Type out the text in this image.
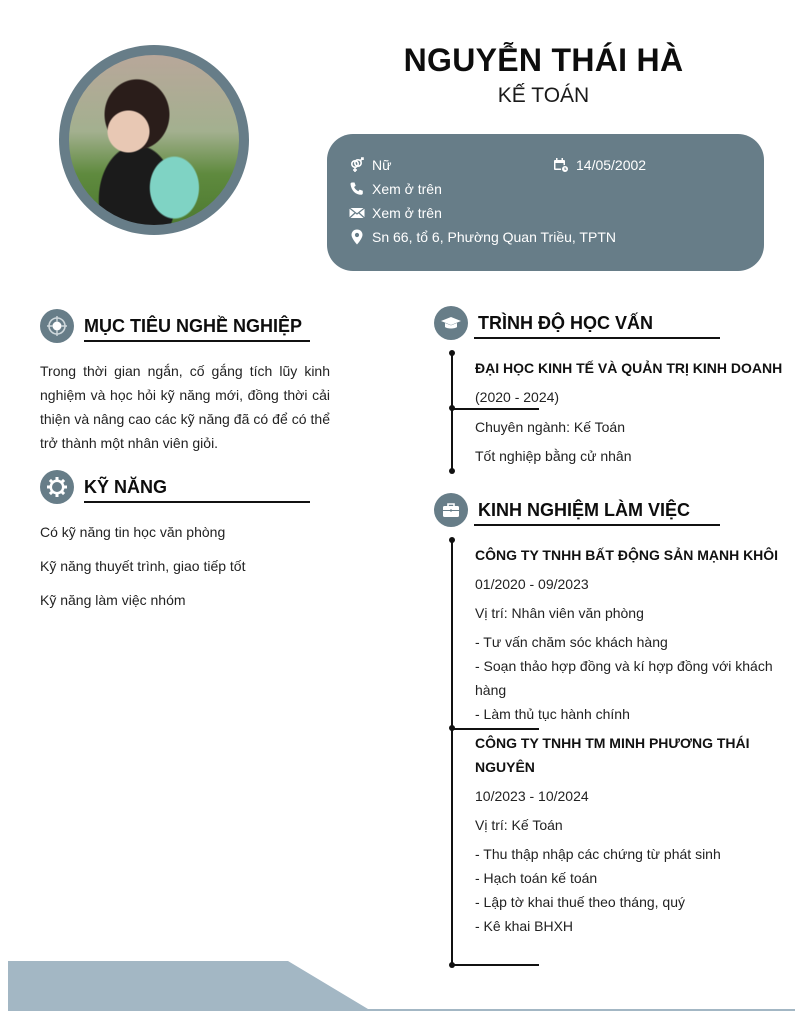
NGUYỄN THÁI HÀ
KẾ TOÁN
Nữ	14/05/2002
Xem ở trên
Xem ở trên
Sn 66, tổ 6, Phường Quan Triều, TPTN
MỤC TIÊU NGHỀ NGHIỆP
Trong thời gian ngắn, cố gắng tích lũy kinh nghiệm và học hỏi kỹ năng mới, đồng thời cải thiện và nâng cao các kỹ năng đã có để có thể trở thành một nhân viên giỏi.
KỸ NĂNG
Có kỹ năng tin học văn phòng
Kỹ năng thuyết trình, giao tiếp tốt
Kỹ năng làm việc nhóm
TRÌNH ĐỘ HỌC VẤN
ĐẠI HỌC KINH TẾ VÀ QUẢN TRỊ KINH DOANH
(2020 - 2024)
Chuyên ngành: Kế Toán
Tốt nghiệp bằng cử nhân
KINH NGHIỆM LÀM VIỆC
CÔNG TY TNHH BẤT ĐỘNG SẢN MẠNH KHÔI
01/2020 - 09/2023
Vị trí: Nhân viên văn phòng
- Tư vấn chăm sóc khách hàng
- Soạn thảo hợp đồng và kí hợp đồng với khách
hàng
- Làm thủ tục hành chính
CÔNG TY TNHH TM MINH PHƯƠNG THÁI
NGUYÊN
10/2023 - 10/2024
Vị trí: Kế Toán
- Thu thập nhập các chứng từ phát sinh
- Hạch toán kế toán
- Lập tờ khai thuế theo tháng, quý
- Kê khai BHXH
